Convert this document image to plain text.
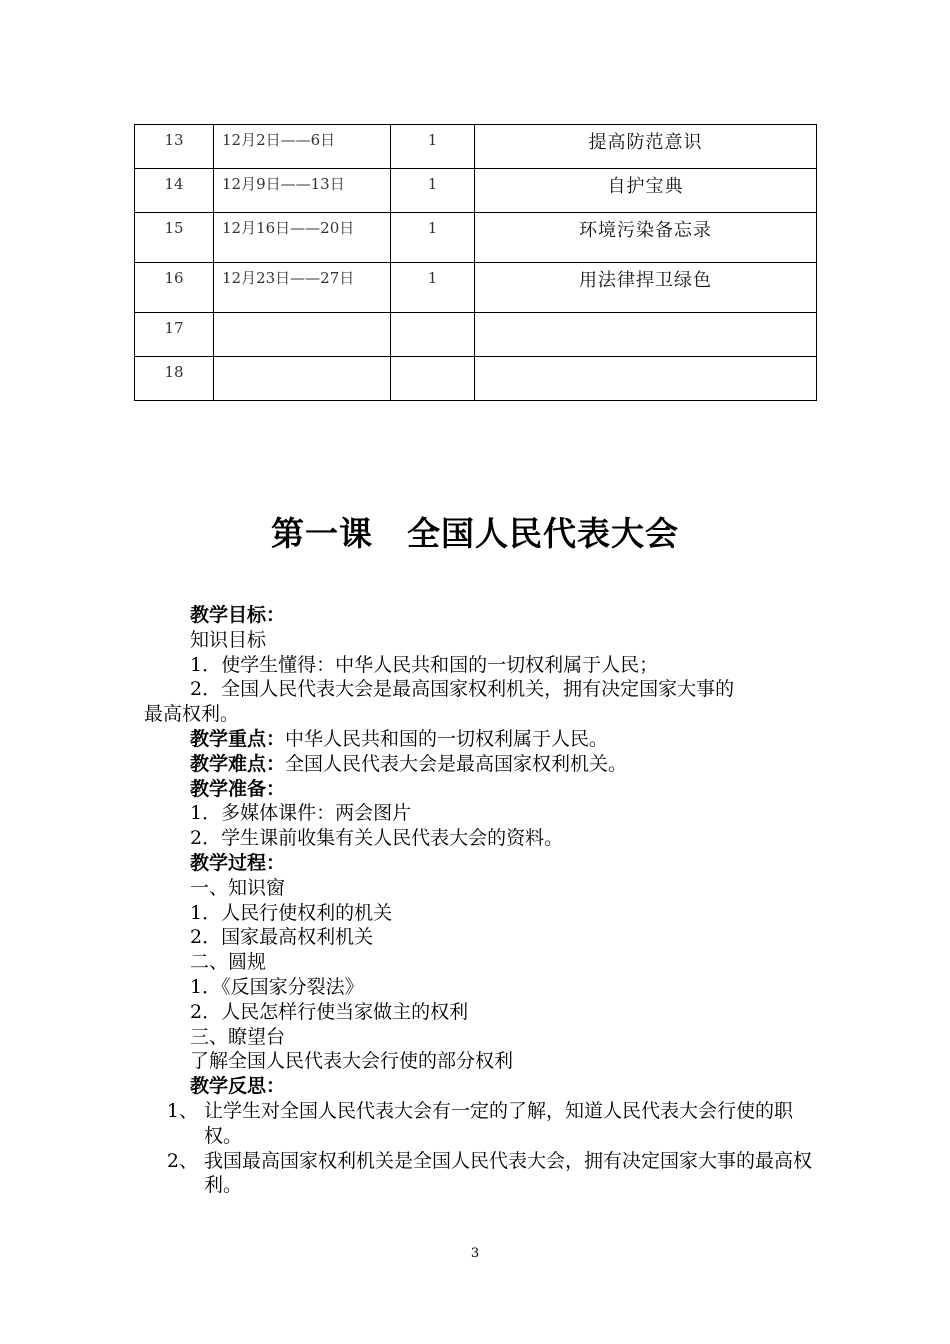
13	12月2日——6日	1	提高防范意识
14	12月9日——13日	1	自护宝典
15	12月16日——20日	1	环境污染备忘录
16	12月23日——27日	1	用法律捍卫绿色
17			
18			
第一课　全国人民代表大会
教学目标：
知识目标
1．使学生懂得：中华人民共和国的一切权利属于人民；
2．全国人民代表大会是最高国家权利机关，拥有决定国家大事的
最高权利。
教学重点：中华人民共和国的一切权利属于人民。
教学难点：全国人民代表大会是最高国家权利机关。
教学准备：
1．多媒体课件：两会图片
2．学生课前收集有关人民代表大会的资料。
教学过程：
一、知识窗
1．人民行使权利的机关
2．国家最高权利机关
二、圆规
1．《反国家分裂法》
2．人民怎样行使当家做主的权利
三、瞭望台
了解全国人民代表大会行使的部分权利
教学反思：
1、 让学生对全国人民代表大会有一定的了解，知道人民代表大会行使的职权。
2、 我国最高国家权利机关是全国人民代表大会，拥有决定国家大事的最高权利。
3
